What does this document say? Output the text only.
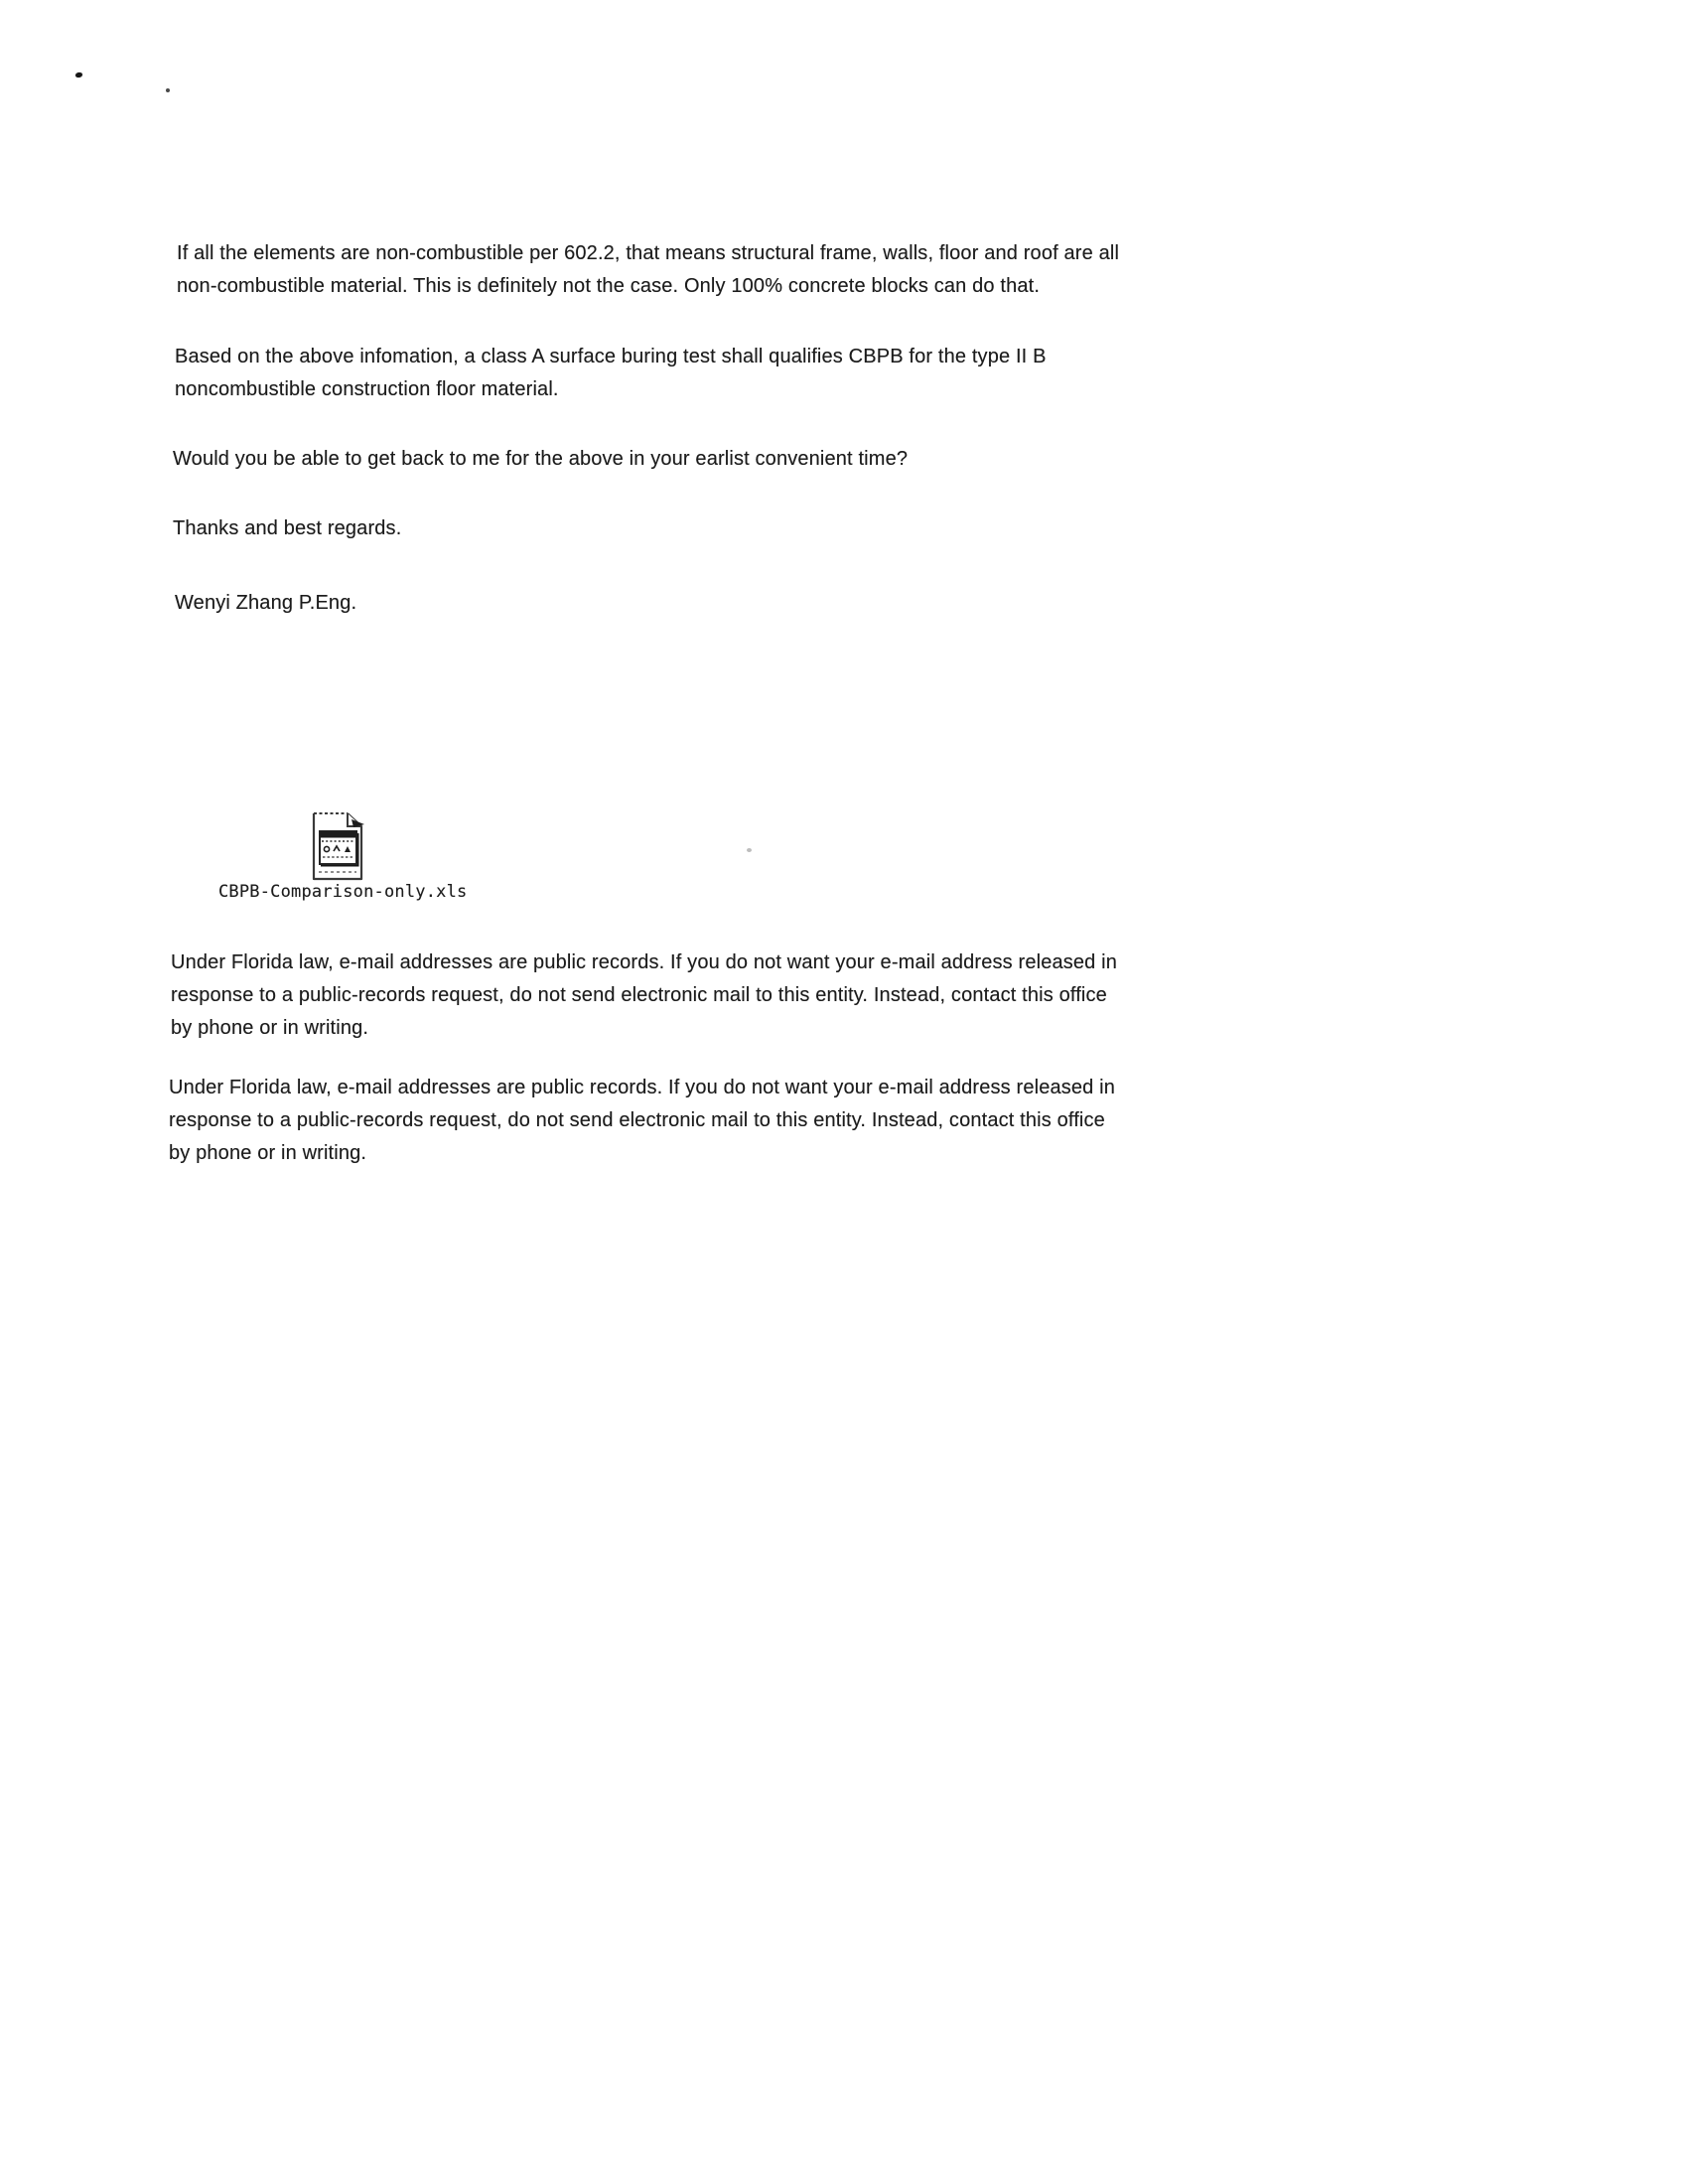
If all the elements are non-combustible per 602.2, that means structural frame, walls, floor and roof are all
non-combustible material. This is definitely not the case. Only 100% concrete blocks can do that.
Based on the above infomation, a class A surface buring test shall qualifies CBPB for the type II B
noncombustible construction floor material.
Would you be able to get back to me for the above in your earlist convenient time?
Thanks and best regards.
Wenyi Zhang P.Eng.
CBPB-Comparison-only.xls
Under Florida law, e-mail addresses are public records. If you do not want your e-mail address released in
response to a public-records request, do not send electronic mail to this entity. Instead, contact this office
by phone or in writing.
Under Florida law, e-mail addresses are public records. If you do not want your e-mail address released in
response to a public-records request, do not send electronic mail to this entity. Instead, contact this office
by phone or in writing.
